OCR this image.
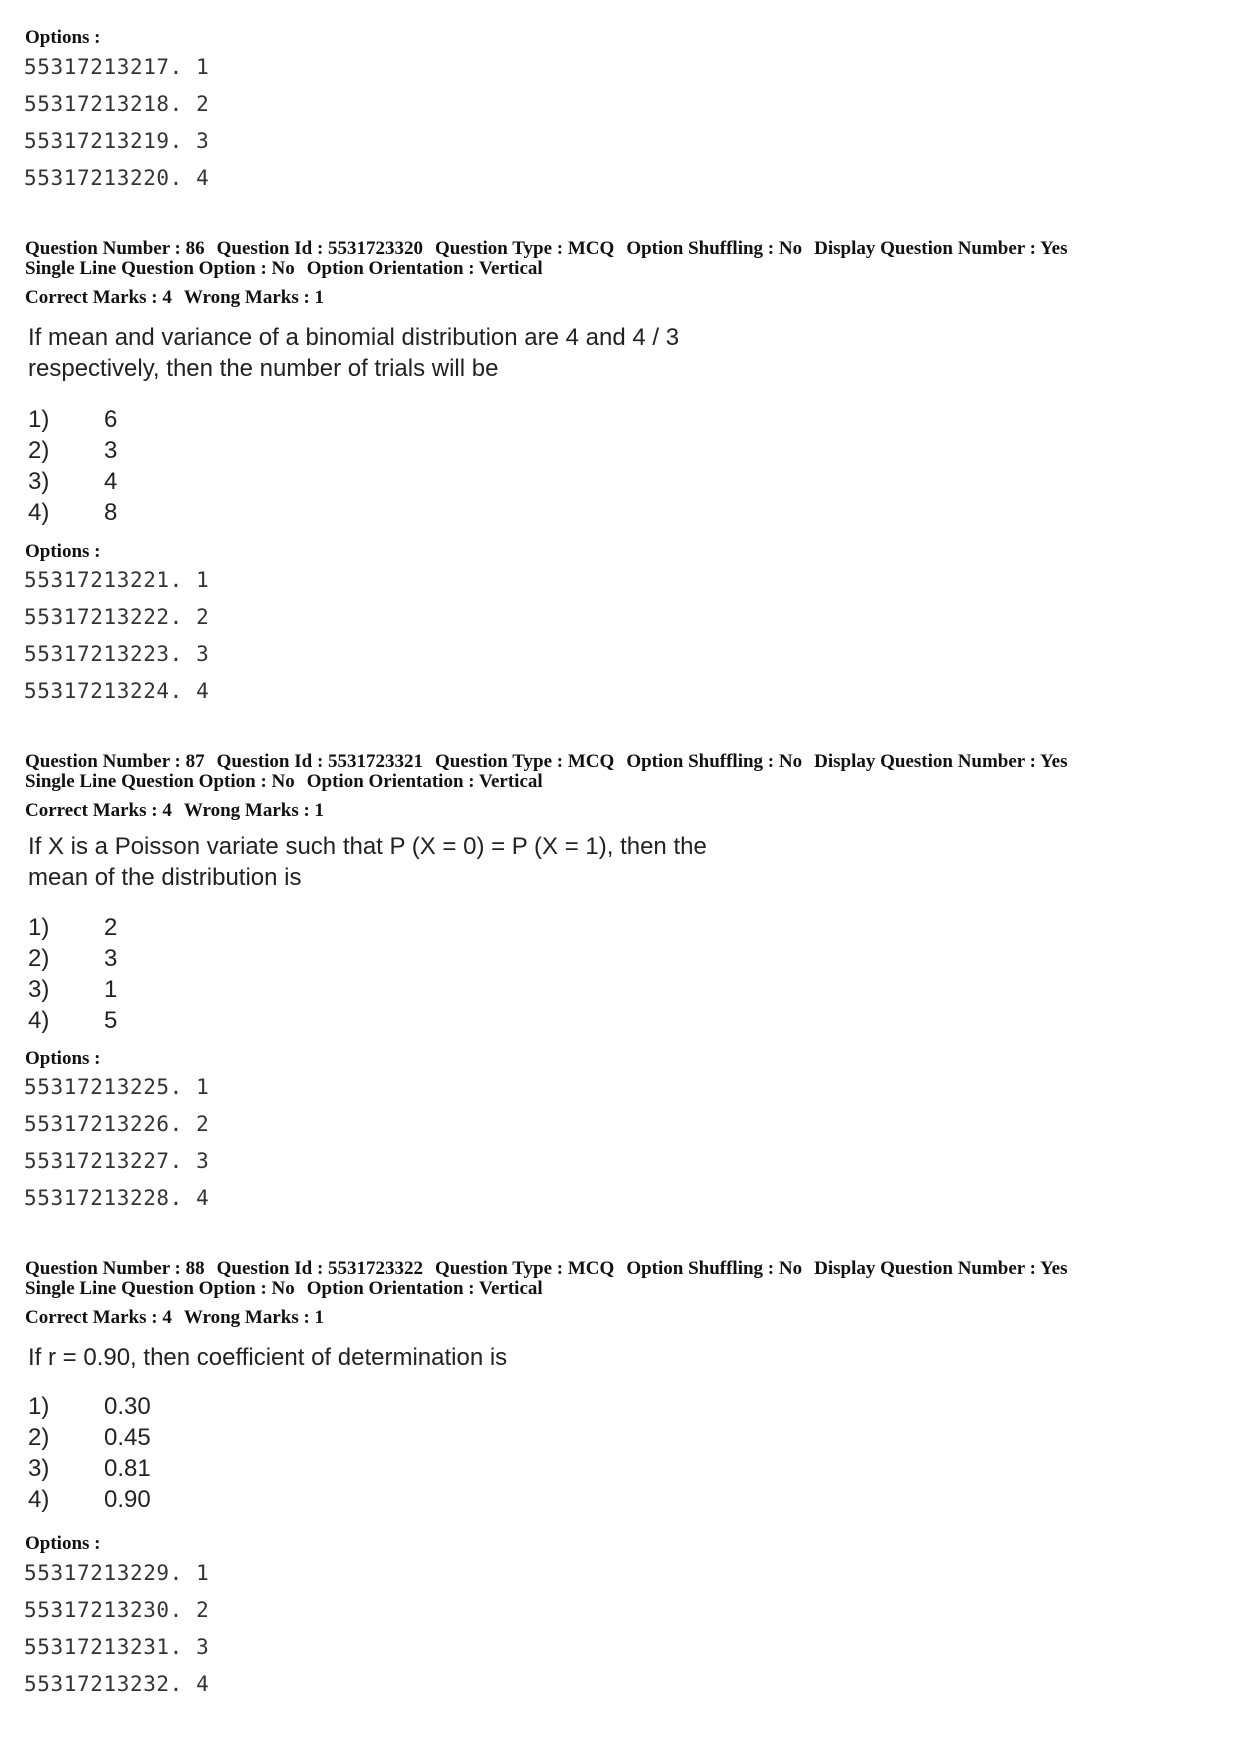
Options :
55317213217. 1
55317213218. 2
55317213219. 3
55317213220. 4
Question Number : 86 Question Id : 5531723320 Question Type : MCQ Option Shuffling : No Display Question Number : Yes
Single Line Question Option : No Option Orientation : Vertical
Correct Marks : 4 Wrong Marks : 1
If mean and variance of a binomial distribution are 4 and 4 / 3
respectively, then the number of trials will be
1) 6
2) 3
3) 4
4) 8
Options :
55317213221. 1
55317213222. 2
55317213223. 3
55317213224. 4
Question Number : 87 Question Id : 5531723321 Question Type : MCQ Option Shuffling : No Display Question Number : Yes
Single Line Question Option : No Option Orientation : Vertical
Correct Marks : 4 Wrong Marks : 1
If X is a Poisson variate such that P (X = 0) = P (X = 1), then the
mean of the distribution is
1) 2
2) 3
3) 1
4) 5
Options :
55317213225. 1
55317213226. 2
55317213227. 3
55317213228. 4
Question Number : 88 Question Id : 5531723322 Question Type : MCQ Option Shuffling : No Display Question Number : Yes
Single Line Question Option : No Option Orientation : Vertical
Correct Marks : 4 Wrong Marks : 1
If r = 0.90, then coefficient of determination is
1) 0.30
2) 0.45
3) 0.81
4) 0.90
Options :
55317213229. 1
55317213230. 2
55317213231. 3
55317213232. 4
